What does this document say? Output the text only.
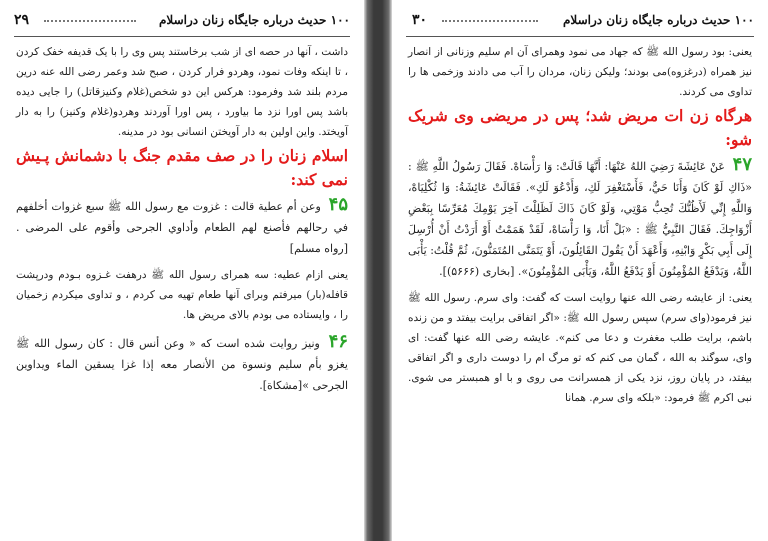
۲۹	۱۰۰ حدیث درباره جایگاه زنان دراسلام

داشت ، آنها در حصه ای از شب برخاستند پس وی را با یک قدیفه خفک کردن ، تا اینکه وفات نمود، وهردو فرار کردن ، صبح شد وعمر رضی الله عنه درین مردم بلند شد وفرمود: هرکس این دو شخص(غلام وکنیزقاتل) را جایی دیده باشد پس اورا نزد ما بیاورد ، پس اورا آوردند وهردو(غلام وکنیز) را به دار آویختد. واین اولین به دار آویختن انسانی بود در مدینه.

اسلام زنان را در صف مقدم جنگ با دشمانش پـیش نمی کند:

۴۵ وعن أم عطية قالت : غزوت مع رسول الله ﷺ سبع غزوات أخلفهم في رحالهم فأصنع لهم الطعام وأداوي الجرحى وأقوم على المرضى . [رواه مسلم]

یعنی ازام عطیه: سه همرای رسول الله ﷺ درهفت غـزوه بـودم ودرپشت قافله(بار) میرفتم وبرای آنها طعام تهیه می کردم ، و تداوی میکردم زخمیان را ، وایستاده می بودم بالای مریض ها.

۴۶ ونيز روايت شده است كه « وعن أنس قال : كان رسول الله ﷺ يغزو بأم سليم ونسوة من الأنصار معه إذا غزا يسقين الماء ويداوين الجرحى »[مشكاة].

۳۰	۱۰۰ حدیث درباره جایگاه زنان دراسلام

یعنی: بود رسول الله ﷺ که جهاد می نمود وهمرای آن ام سلیم وزنانی از انصار نیز همراه (درغزوه)می بودند؛ ولیکن زنان، مردان را آب می دادند وزخمی ها را تداوی می کردند.

هرگاه زن ات مریض شد؛ پس در مریضی وی شریک شو:

۴۷ عَنْ عَائِشَةَ رَضِيَ اللهُ عَنْهَا: أَنَّهَا قَالَتْ: وَا رَأْسَاهْ. فَقَالَ رَسُولُ اللَّهِ ﷺ : «ذَاكِ لَوْ كَانَ وَأَنَا حَيٌّ، فَأَسْتَغْفِرَ لَكِ، وَأَدْعُوَ لَكِ». فَقَالَتْ عَائِشَةُ: وَا ثُكْلِيَاهْ، وَاللَّهِ إِنِّي لَأَظُنُّكَ تُحِبُّ مَوْتِي، وَلَوْ كَانَ ذَاكَ لَظَلِلْتَ آخِرَ يَوْمِكَ مُعَرِّسًا بِبَعْضِ أَزْوَاجِكَ. فَقَالَ النَّبِيُّ ﷺ : «بَلْ أَنَا، وَا رَأْسَاهْ، لَقَدْ هَمَمْتُ أَوْ أَرَدْتُ أَنْ أُرْسِلَ إِلَى أَبِي بَكْرٍ وَابْنِهِ، وَأَعْهَدَ أَنْ يَقُولَ القَائِلُونَ، أَوْ يَتَمَنَّى المُتَمَنُّونَ، ثُمَّ قُلْتُ: يَأْبَى اللَّهُ، وَيَدْفَعُ المُؤْمِنُونَ أَوْ يَدْفَعُ اللَّهُ، وَيَأْبَى المُؤْمِنُونَ». [بخاری (۵۶۶۶)].

یعنی: از عایشه رضی الله عنها روایت است که گفت: وای سرم. رسول الله ﷺ نیز فرمود(وای سرم) سپس رسول الله ﷺ: «اگر اتفاقی برایت بیفتد و من زنده باشم، برایت طلب مغفرت و دعا می کنم». عایشه رضی الله عنها گفت: ای وای، سوگند به الله ، گمان می کنم که تو مرگ ام را دوست داری و اگر اتفاقی بیفتد، در پایان روز، نزد یکی از همسرانت می روی و با او همبستر می شوی. نبی اکرم ﷺ فرمود: «بلکه وای سرم. همانا
